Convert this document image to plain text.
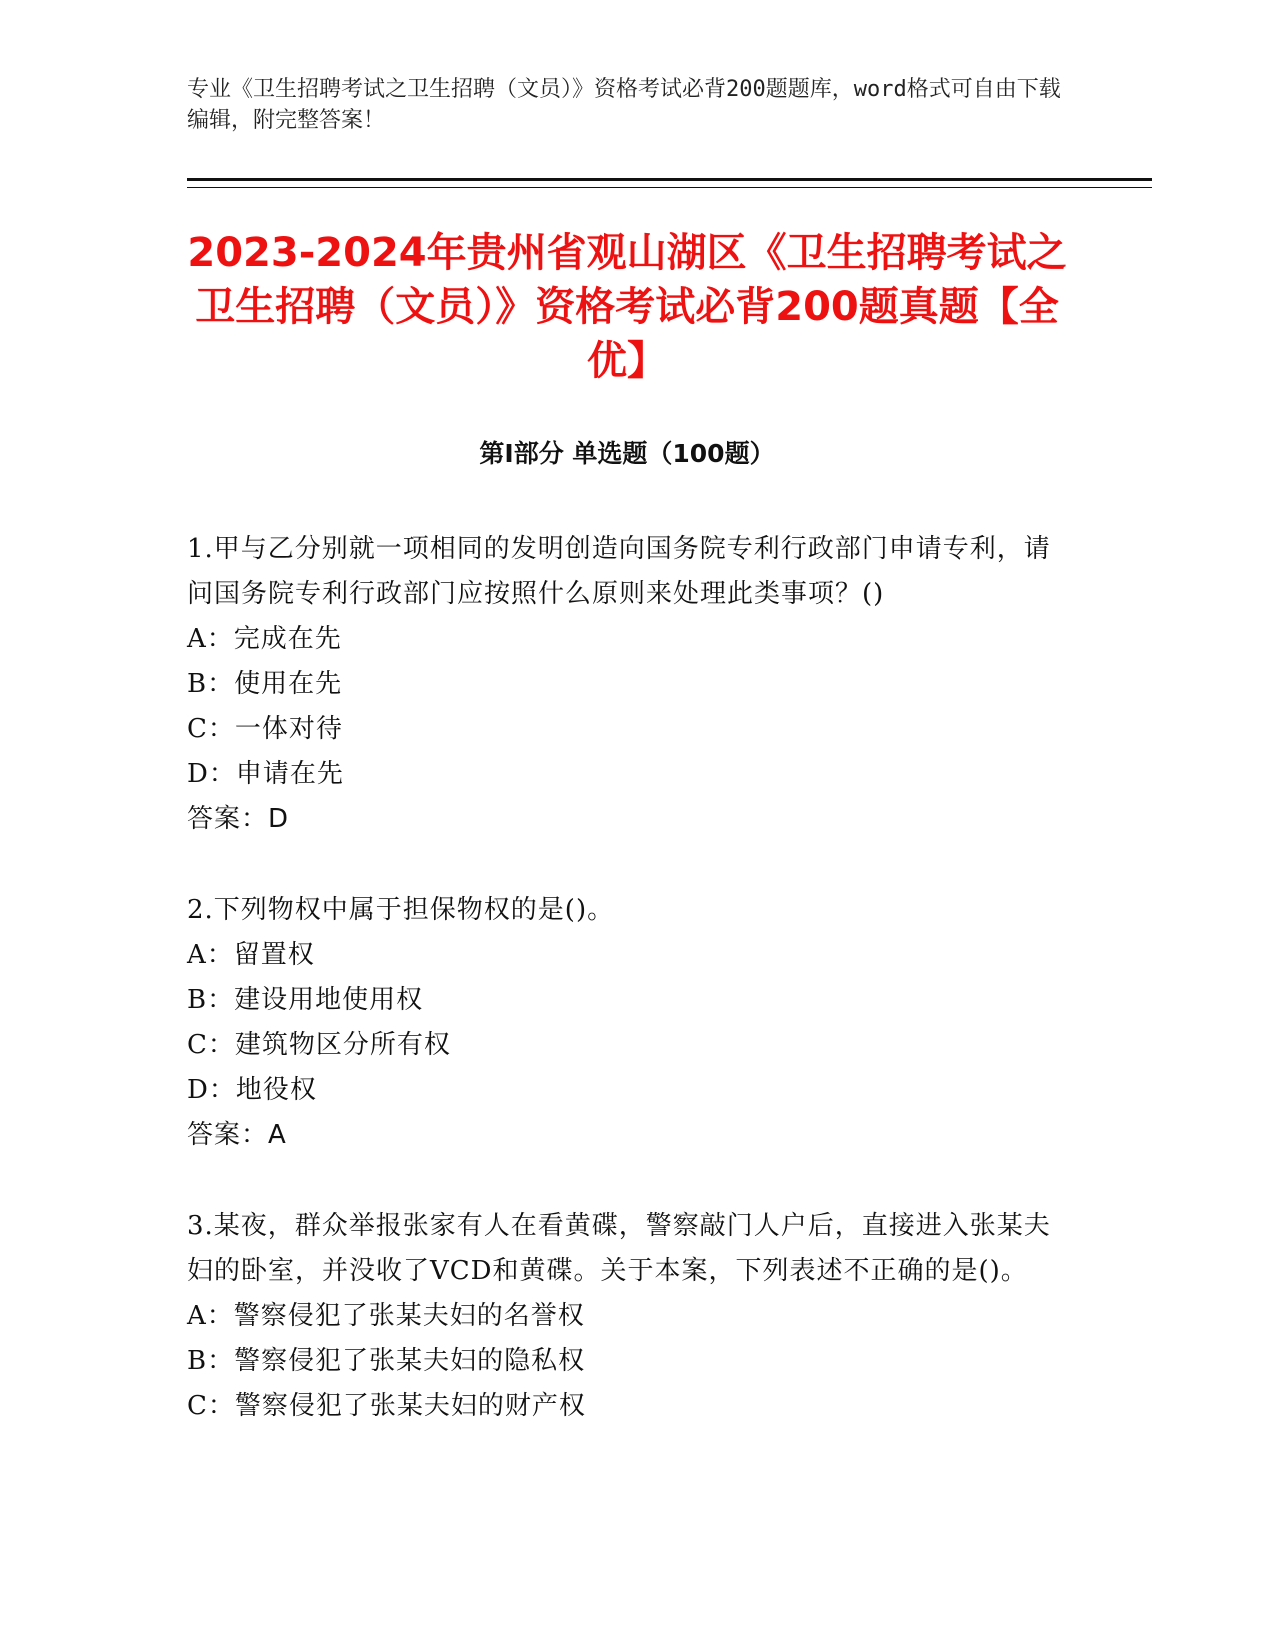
专业《卫生招聘考试之卫生招聘（文员）》资格考试必背200题题库，word格式可自由下载编辑，附完整答案！
2023-2024年贵州省观山湖区《卫生招聘考试之卫生招聘（文员）》资格考试必背200题真题【全优】
第I部分 单选题（100题）
1.甲与乙分别就一项相同的发明创造向国务院专利行政部门申请专利，请问国务院专利行政部门应按照什么原则来处理此类事项？()
A：完成在先
B：使用在先
C：一体对待
D：申请在先
答案：D
2.下列物权中属于担保物权的是()。
A：留置权
B：建设用地使用权
C：建筑物区分所有权
D：地役权
答案：A
3.某夜，群众举报张家有人在看黄碟，警察敲门人户后，直接进入张某夫妇的卧室，并没收了VCD和黄碟。关于本案，下列表述不正确的是()。
A：警察侵犯了张某夫妇的名誉权
B：警察侵犯了张某夫妇的隐私权
C：警察侵犯了张某夫妇的财产权
